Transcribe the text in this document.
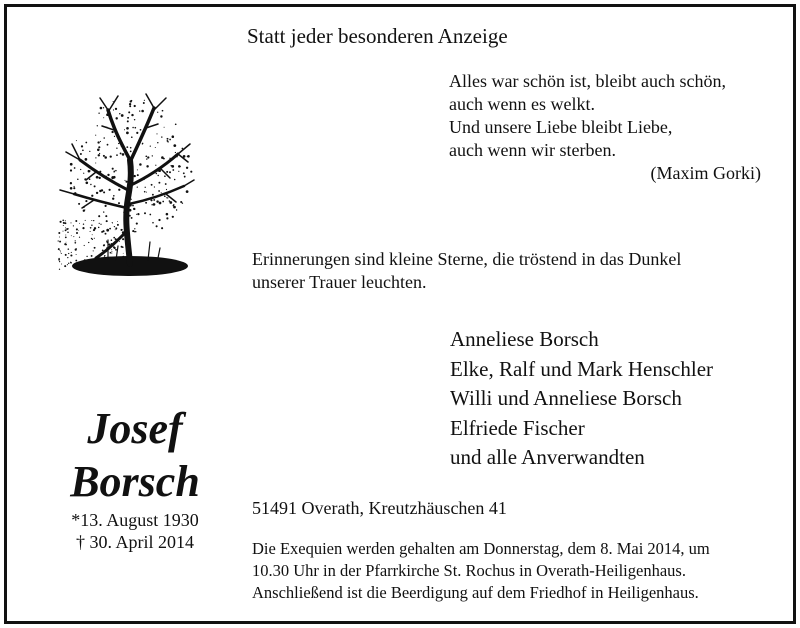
Statt jeder besonderen Anzeige
Alles war schön ist, bleibt auch schön,
auch wenn es welkt.
Und unsere Liebe bleibt Liebe,
auch wenn wir sterben.
(Maxim Gorki)
Erinnerungen sind kleine Sterne, die tröstend in das Dunkel
unserer Trauer leuchten.
Anneliese Borsch
Elke, Ralf und Mark Henschler
Willi und Anneliese Borsch
Elfriede Fischer
und alle Anverwandten
Josef
Borsch
*13. August 1930
† 30. April 2014
51491 Overath, Kreutzhäuschen 41
Die Exequien werden gehalten am Donnerstag, dem 8. Mai 2014, um
10.30 Uhr in der Pfarrkirche St. Rochus in Overath-Heiligenhaus.
Anschließend ist die Beerdigung auf dem Friedhof in Heiligenhaus.
